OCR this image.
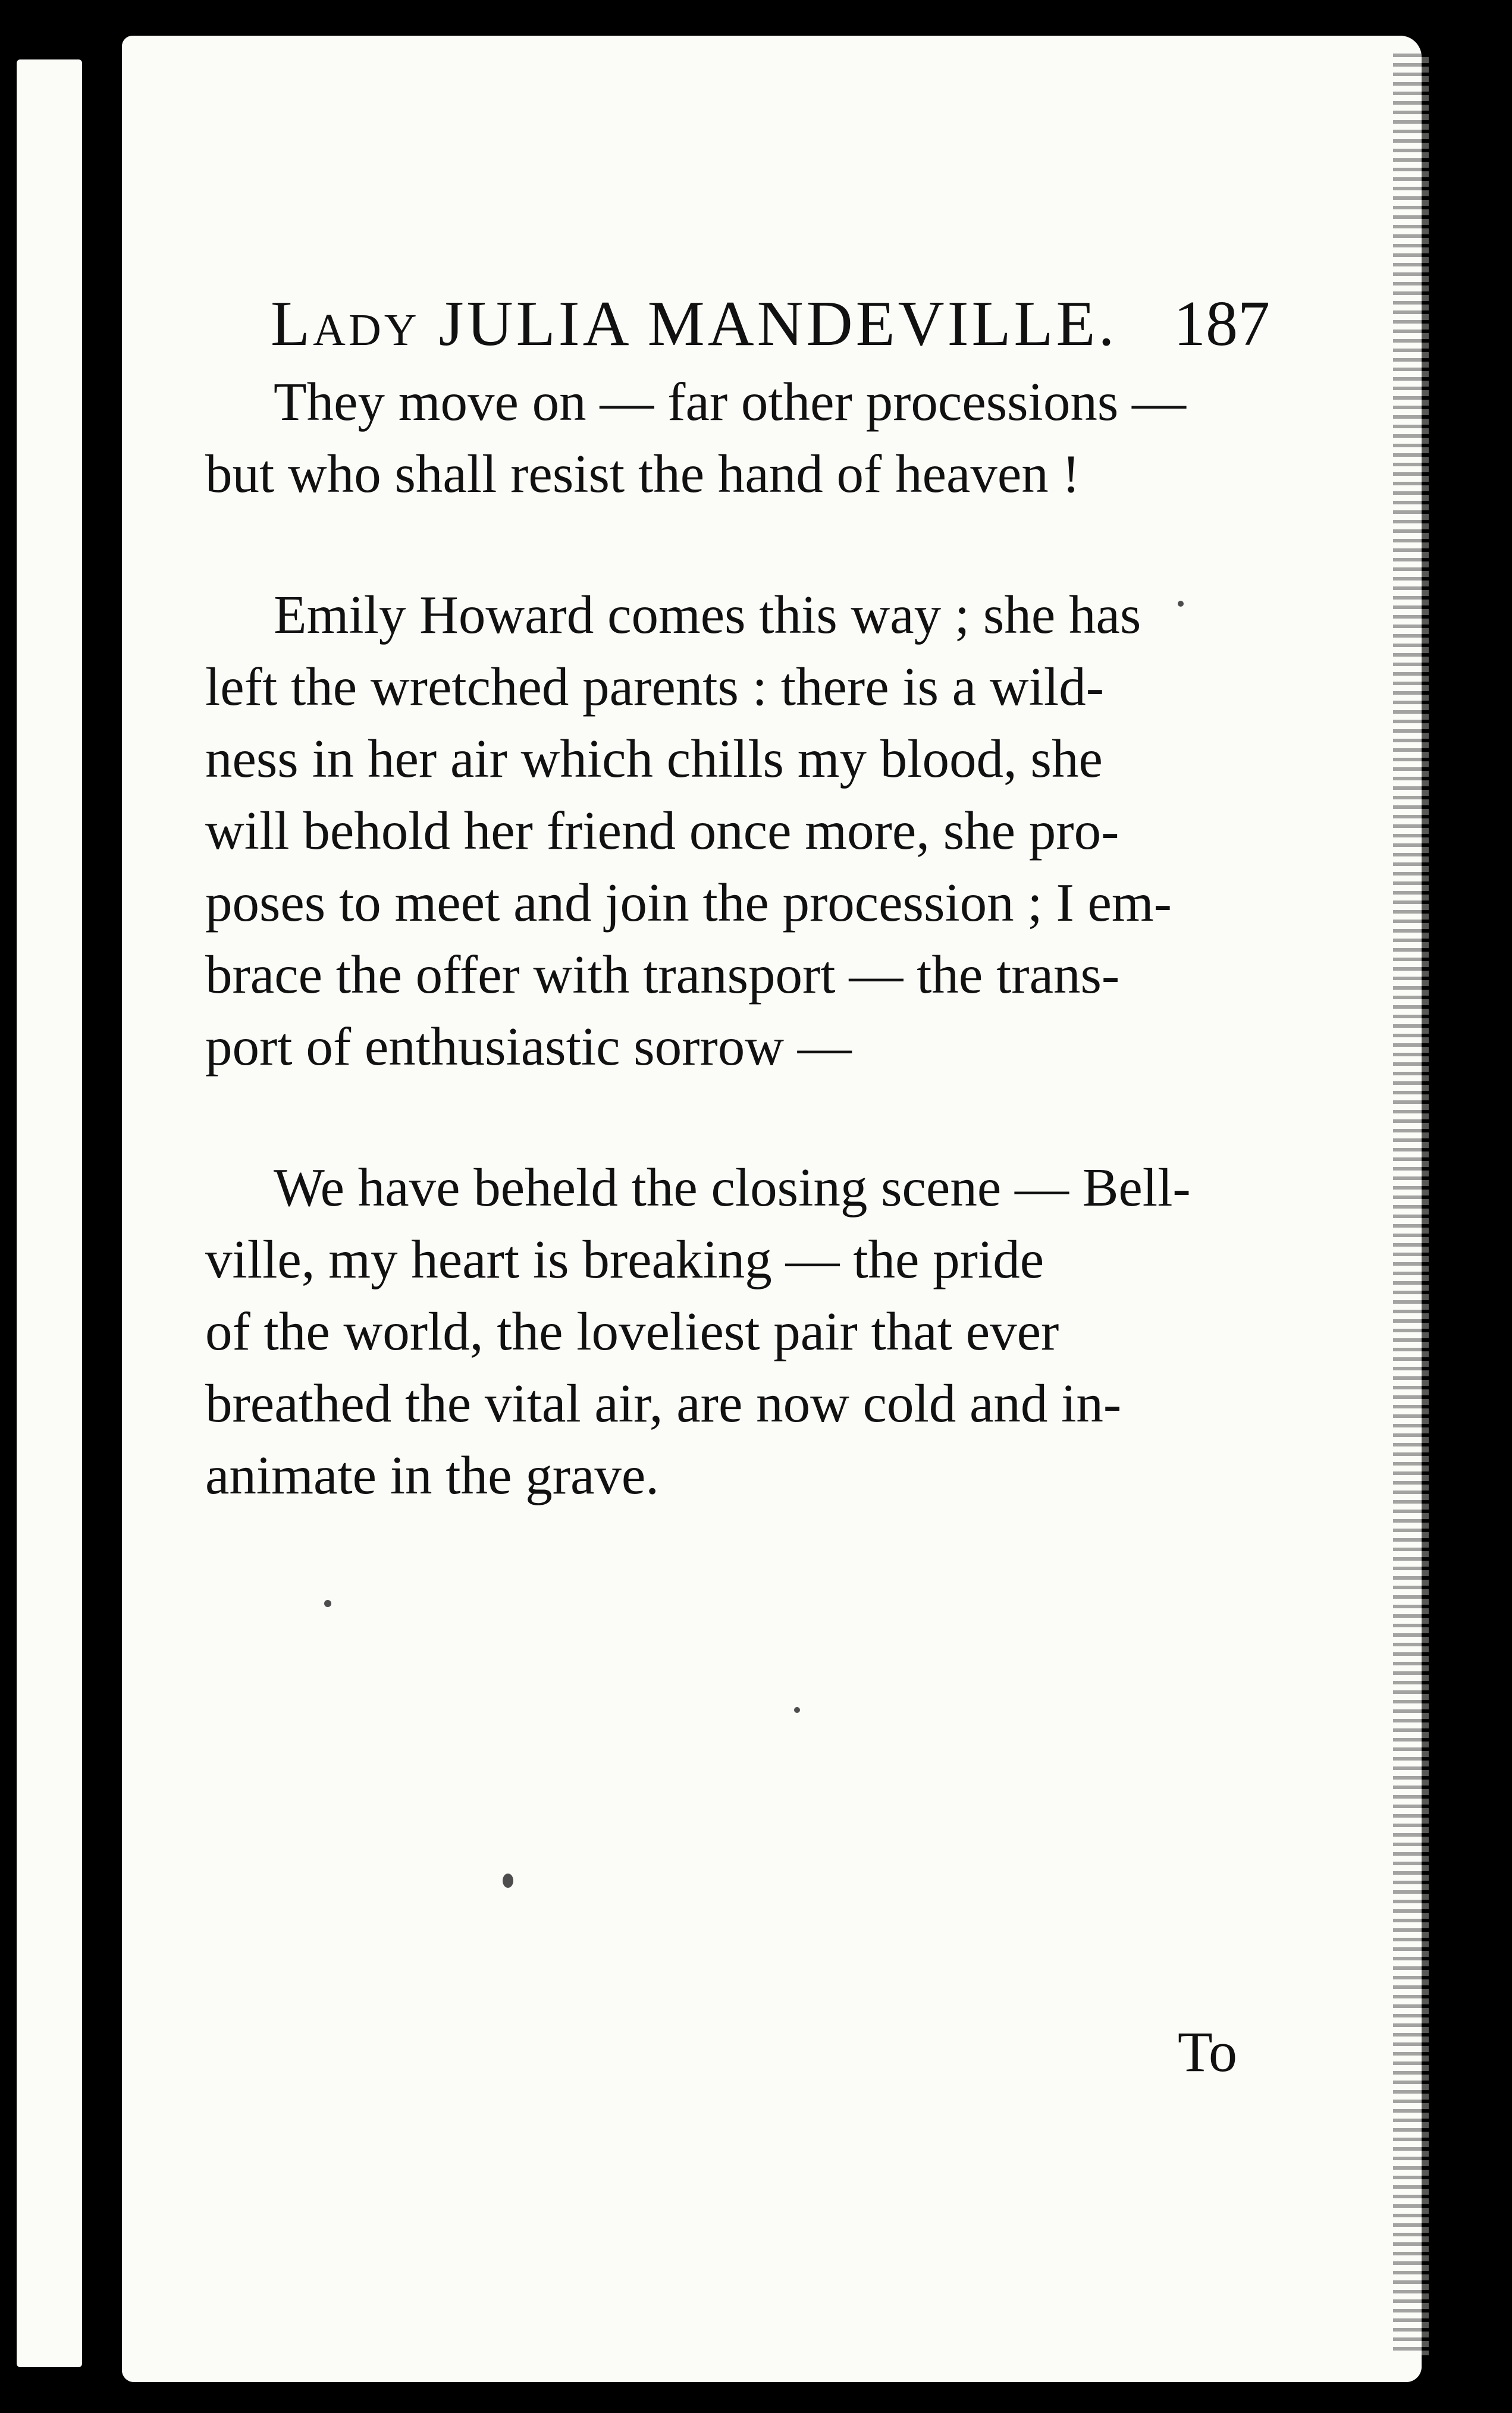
Lady JULIA MANDEVILLE. 187
They move on — far other processions —
but who shall resist the hand of heaven !
Emily Howard comes this way ; she has
left the wretched parents : there is a wild-
ness in her air which chills my blood, she
will behold her friend once more, she pro-
poses to meet and join the procession ; I em-
brace the offer with transport — the trans-
port of enthusiastic sorrow —
We have beheld the closing scene — Bell-
ville, my heart is breaking — the pride
of the world, the loveliest pair that ever
breathed the vital air, are now cold and in-
animate in the grave.
To
